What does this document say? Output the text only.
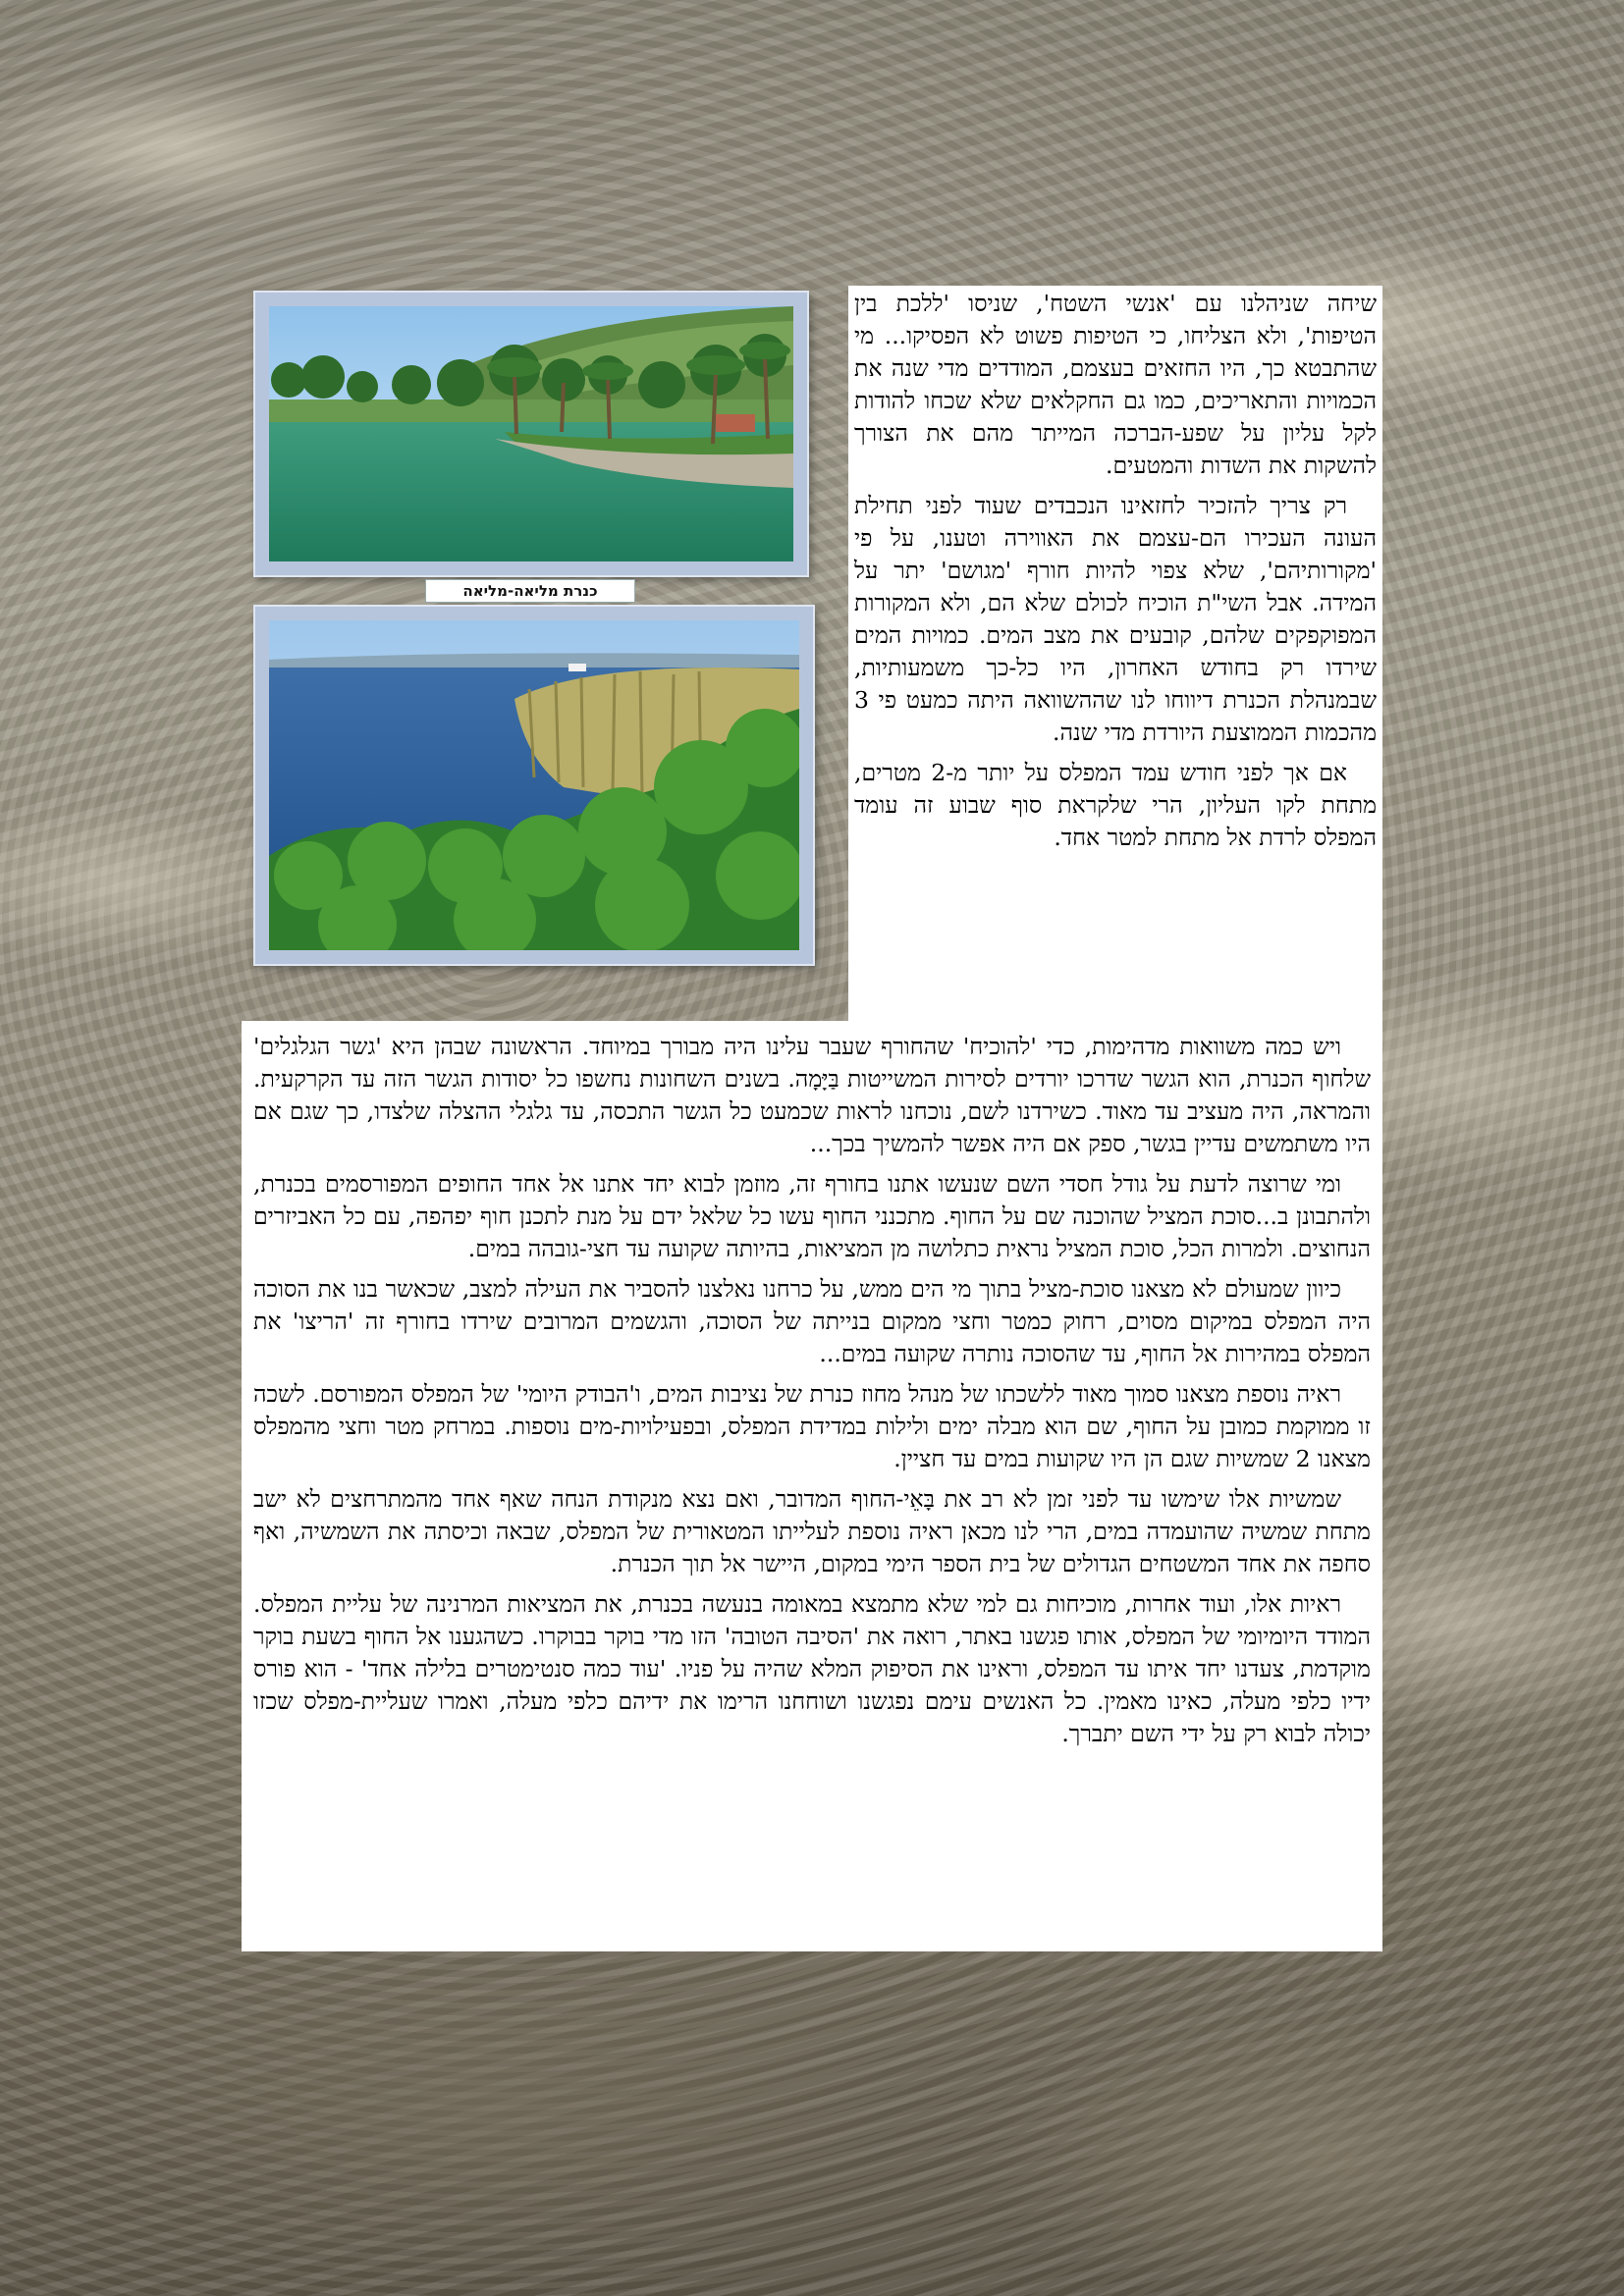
כנרת מליאה-מליאה

שיחה שניהלנו עם 'אנשי השטח', שניסו 'ללכת בין הטיפות', ולא הצליחו, כי הטיפות פשוט לא הפסיקו... מי שהתבטא כך, היו החזאים בעצמם, המודדים מדי שנה את הכמויות והתאריכים, כמו גם החקלאים שלא שכחו להודות לקל עליון על שפע-הברכה המייתר מהם את הצורך להשקות את השדות והמטעים.

רק צריך להזכיר לחזאינו הנכבדים שעוד לפני תחילת העונה העכירו הם-עצמם את האווירה וטענו, על פי 'מקורותיהם', שלא צפוי להיות חורף 'מגושם' יתר על המידה. אבל השי"ת הוכיח לכולם שלא הם, ולא המקורות המפוקפקים שלהם, קובעים את מצב המים. כמויות המים שירדו רק בחודש האחרון, היו כל-כך משמעותיות, שבמנהלת הכנרת דיווחו לנו שההשוואה היתה כמעט פי 3 מהכמות הממוצעת היורדת מדי שנה.

אם אך לפני חודש עמד המפלס על יותר מ-2 מטרים, מתחת לקו העליון, הרי שלקראת סוף שבוע זה עומד המפלס לרדת אל מתחת למטר אחד.

ויש כמה משוואות מדהימות, כדי 'להוכיח' שהחורף שעבר עלינו היה מבורך במיוחד. הראשונה שבהן היא 'גשר הגלגלים' שלחוף הכנרת, הוא הגשר שדרכו יורדים לסירות המשייטות בַּיָּמָה. בשנים השחונות נחשפו כל יסודות הגשר הזה עד הקרקעית. והמראה, היה מעציב עד מאוד. כשירדנו לשם, נוכחנו לראות שכמעט כל הגשר התכסה, עד גלגלי ההצלה שלצדו, כך שגם אם היו משתמשים עדיין בגשר, ספק אם היה אפשר להמשיך בכך...

ומי שרוצה לדעת על גודל חסדי השם שנעשו אתנו בחורף זה, מוזמן לבוא יחד אתנו אל אחד החופים המפורסמים בכנרת, ולהתבונן ב...סוכת המציל שהוכנה שם על החוף. מתכנני החוף עשו כל שלאל ידם על מנת לתכנן חוף יפהפה, עם כל האביזרים הנחוצים. ולמרות הכל, סוכת המציל נראית כתלושה מן המציאות, בהיותה שקועה עד חצי-גובהה במים.

כיוון שמעולם לא מצאנו סוכת-מציל בתוך מי הים ממש, על כרחנו נאלצנו להסביר את העילה למצב, שכאשר בנו את הסוכה היה המפלס במיקום מסוים, רחוק כמטר וחצי ממקום בנייתה של הסוכה, והגשמים המרובים שירדו בחורף זה 'הריצו' את המפלס במהירות אל החוף, עד שהסוכה נותרה שקועה במים...

ראיה נוספת מצאנו סמוך מאוד ללשכתו של מנהל מחוז כנרת של נציבות המים, ו'הבודק היומי' של המפלס המפורסם. לשכה זו ממוקמת כמובן על החוף, שם הוא מבלה ימים ולילות במדידת המפלס, ובפעילויות-מים נוספות. במרחק מטר וחצי מהמפלס מצאנו 2 שמשיות שגם הן היו שקועות במים עד חציין.

שמשיות אלו שימשו עד לפני זמן לא רב את בָּאֵי-החוף המדובר, ואם נצא מנקודת הנחה שאף אחד מהמתרחצים לא ישב מתחת שמשיה שהועמדה במים, הרי לנו מכאן ראיה נוספת לעלייתו המטאורית של המפלס, שבאה וכיסתה את השמשיה, ואף סחפה את אחד המשטחים הגדולים של בית הספר הימי במקום, היישר אל תוך הכנרת.

ראיות אלו, ועוד אחרות, מוכיחות גם למי שלא מתמצא במאומה בנעשה בכנרת, את המציאות המרנינה של עליית המפלס. המודד היומיומי של המפלס, אותו פגשנו באתר, רואה את 'הסיבה הטובה' הזו מדי בוקר בבוקרו. כשהגענו אל החוף בשעת בוקר מוקדמת, צעדנו יחד איתו עד המפלס, וראינו את הסיפוק המלא שהיה על פניו. 'עוד כמה סנטימטרים בלילה אחד' - הוא פורס ידיו כלפי מעלה, כאינו מאמין. כל האנשים עימם נפגשנו ושוחחנו הרימו את ידיהם כלפי מעלה, ואמרו שעליית-מפלס שכזו יכולה לבוא רק על ידי השם יתברך.
